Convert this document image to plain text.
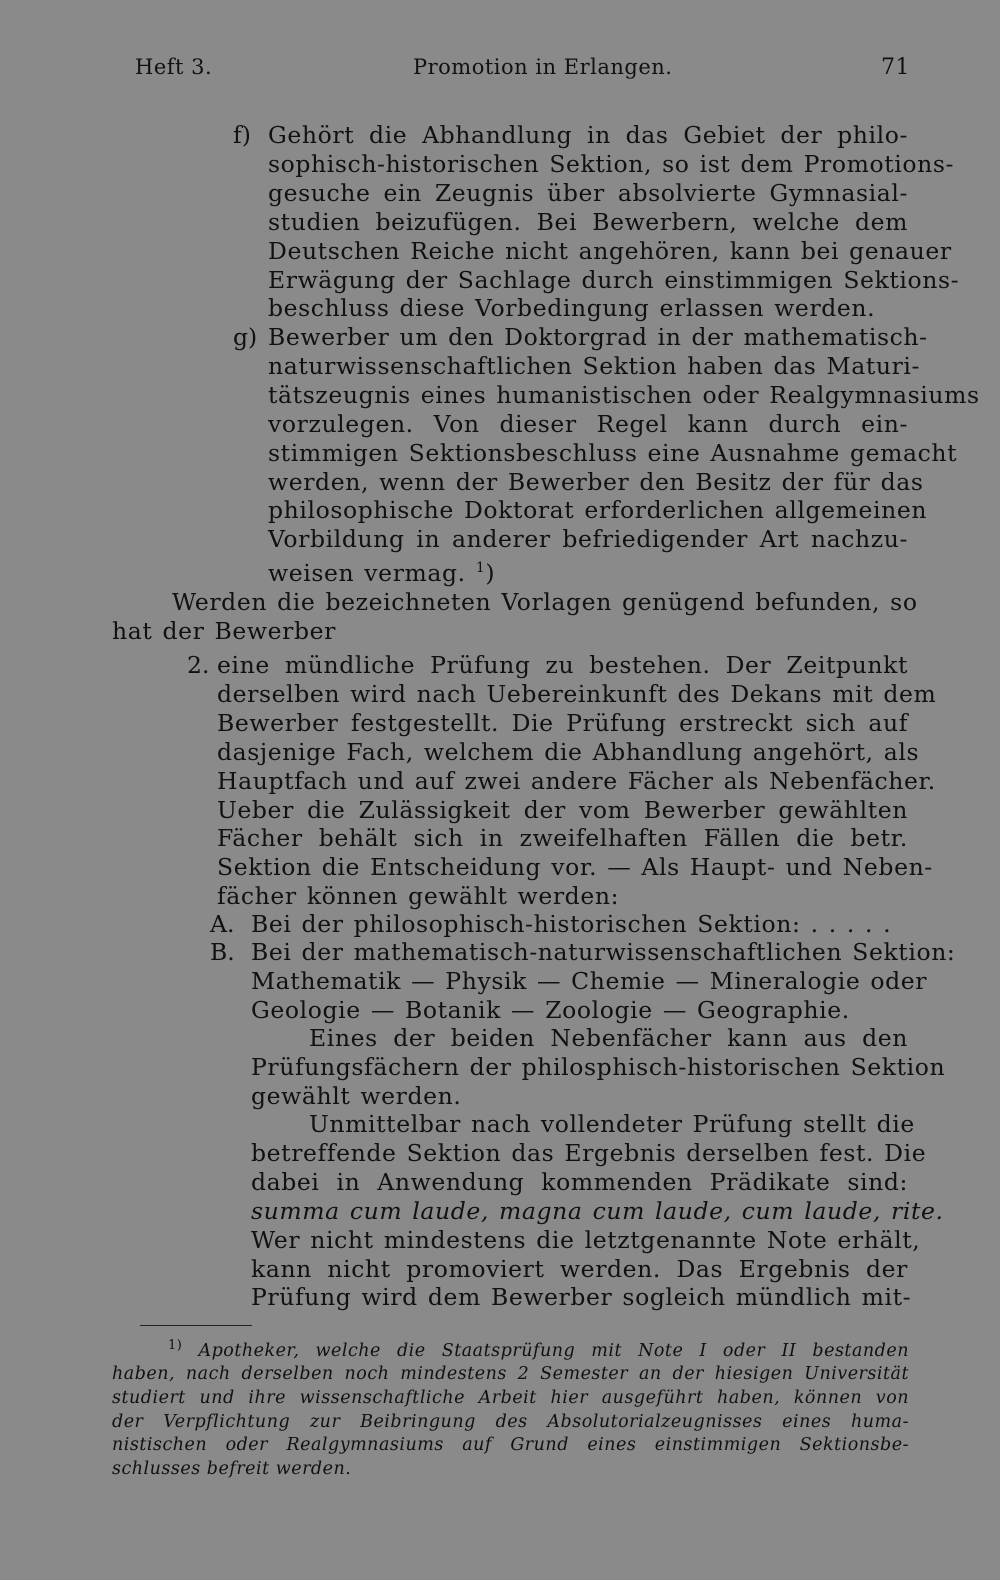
Heft 3.	Promotion in Erlangen.	71
f) Gehört die Abhandlung in das Gebiet der philo-
sophisch-historischen Sektion, so ist dem Promotions-
gesuche ein Zeugnis über absolvierte Gymnasial-
studien beizufügen. Bei Bewerbern, welche dem
Deutschen Reiche nicht angehören, kann bei genauer
Erwägung der Sachlage durch einstimmigen Sektions-
beschluss diese Vorbedingung erlassen werden.
g) Bewerber um den Doktorgrad in der mathematisch-
naturwissenschaftlichen Sektion haben das Maturi-
tätszeugnis eines humanistischen oder Realgymnasiums
vorzulegen. Von dieser Regel kann durch ein-
stimmigen Sektionsbeschluss eine Ausnahme gemacht
werden, wenn der Bewerber den Besitz der für das
philosophische Doktorat erforderlichen allgemeinen
Vorbildung in anderer befriedigender Art nachzu-
weisen vermag. $^1$)
Werden die bezeichneten Vorlagen genügend befunden, so
hat der Bewerber
2. eine mündliche Prüfung zu bestehen. Der Zeitpunkt
derselben wird nach Uebereinkunft des Dekans mit dem
Bewerber festgestellt. Die Prüfung erstreckt sich auf
dasjenige Fach, welchem die Abhandlung angehört, als
Hauptfach und auf zwei andere Fächer als Nebenfächer.
Ueber die Zulässigkeit der vom Bewerber gewählten
Fächer behält sich in zweifelhaften Fällen die betr.
Sektion die Entscheidung vor. — Als Haupt- und Neben-
fächer können gewählt werden:
A. Bei der philosophisch-historischen Sektion: . . . . .
B. Bei der mathematisch-naturwissenschaftlichen Sektion:
Mathematik — Physik — Chemie — Mineralogie oder
Geologie — Botanik — Zoologie — Geographie.
Eines der beiden Nebenfächer kann aus den
Prüfungsfächern der philosphisch-historischen Sektion
gewählt werden.
Unmittelbar nach vollendeter Prüfung stellt die
betreffende Sektion das Ergebnis derselben fest. Die
dabei in Anwendung kommenden Prädikate sind:
summa cum laude, magna cum laude, cum laude, rite.
Wer nicht mindestens die letztgenannte Note erhält,
kann nicht promoviert werden. Das Ergebnis der
Prüfung wird dem Bewerber sogleich mündlich mit-
$^{1)}$ Apotheker, welche die Staatsprüfung mit Note I oder II bestanden
haben, nach derselben noch mindestens 2 Semester an der hiesigen Universität
studiert und ihre wissenschaftliche Arbeit hier ausgeführt haben, können von
der Verpflichtung zur Beibringung des Absolutorialzeugnisses eines huma-
nistischen oder Realgymnasiums auf Grund eines einstimmigen Sektionsbe-
schlusses befreit werden.
